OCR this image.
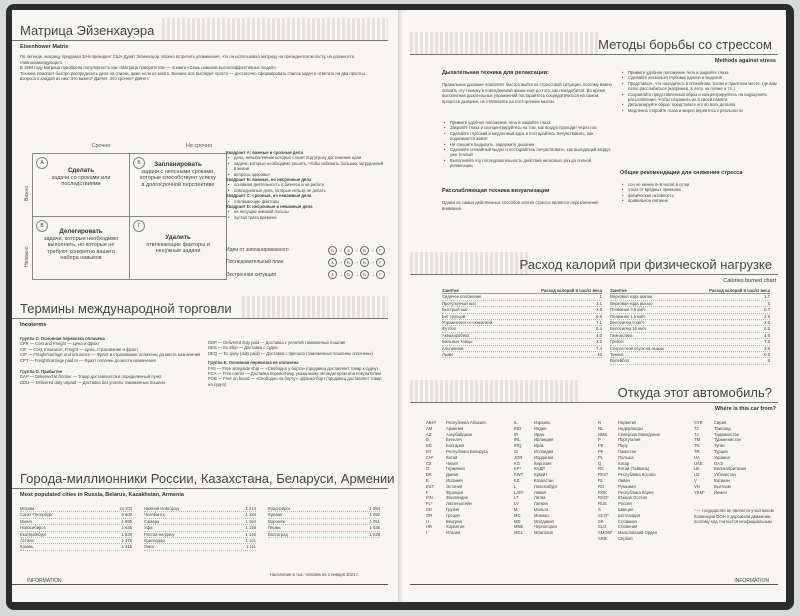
Матрица Эйзенхауэра
Eisenhower Matrix

По легенде, матрицу придумал 34-й президент США Дуайт Эйзенхауэр. Можно встретить упоминания, что он использовал матрицу на президентском посту, на должности главнокомандующего.

В 1994 году матрица приобрела популярность как «Матрица приоритетов» — в книге «Семь навыков высокоэффективных людей».

Техника помогает быстро распределить дела на списки, даже если их много. Внешне всё выглядит просто — достаточно сформировать список задач и ответить на два простых вопроса о каждой из них: Это важно? Да/Нет. Это срочно? Да/Нет.

Срочно	Не срочно
Важно
Неважно
А
Сделать
задачи со сроками или последствиями
Б	Запланировать
задачи с неясными сроками, которые способствуют успеху в долгосрочной перспективе
В
Делегировать
задачи, которые необходимо выполнить, но которые не требуют конкретно вашего набора навыков
Г
Удалить
отвлекающие факторы и ненужные задачи
Квадрант А: важные и срочные дела
• дела, невыполнение которых станет под угрозу достижение цели
• задачи, которые необходимо решить, чтобы избежать больших затруднений в жизни
• вопросы здоровья
Квадрант Б: важные, но несрочные дела
• основная деятельность в бизнесе и на работе
• повседневные дела, которые нельзя не делать
Квадрант С: срочные, но неважные дела
• отвлекающие факторы
Квадрант D: несрочные и неважные дела
• не несущие никакой пользы
• пустая трата времени
Идеи от запланированного	Б → А → В → Г
Последовательный план	А → Б → В → Г
Экстренная ситуация	А → В → Б → Г
Термины международной торговли
Incoterms
Группа С. Основная перевозка оплачена
CFR — Cost and Freight — Цена и фрахт
CIF — Cost, Insurance, Freight — Цена, страхование и фрахт
CIP — Freight/carriage and insurance — Фрахт и страхование оплачены до места назначения
CPT — Freight/carriage paid to — Фрахт оплачен до места назначения
Группа D. Прибытие
DAP — Delivered at frontier — Товар доставляется в определённый пункт
DDU — Delivered duty unpaid — Доставка без уплаты таможенных пошлин
DDP — Delivered duty paid — Доставка с уплатой таможенных пошлин
DES — Ex Ship — Доставка с судна
DEQ — Ex quay (duty paid) — Доставка с причала (таможенные пошлины оплачены)
Группа Е. Основная перевозка не оплачена
FAS — Free alongside ship — «Свободно у борта» (продавец доставляет товар к судну)
FCA — Free carrier — Доставка перевозчику, указанному экспедитором или покупателем
FOB — Free on board — «Свободно на борту», франко-борт (продавец доставляет товар на судно)
Города-миллионники России, Казахстана, Беларуси, Армении
Most populated cities in Russia, Belarus, Kazakhstan, Armenia
Москва	13 104
Санкт-Петербург	5 600
Минск	1 995
Новосибирск	1 635
Екатеринбург	1 539
Астана	1 376
Казань	1 315
Нижний Новгород	1 213
Челябинск	1 184
Самара	1 164
Уфа	1 158
Ростов-на-Дону	1 140
Краснодар	1 121
Омск	1 111
Красноярск	1 094
Ереван	1 092
Воронеж	1 051
Пермь	1 035
Волгоград	1 029
Население в тыс. человек на 1 января 2021 г.
INFORMATION
Методы борьбы со стрессом
Methods against stress
Дыхательная техника для релаксации:
Правильное дыхание позволяет быстро выйти из стрессовой ситуации, поэтому важно освоить эту технику в повседневной жизни ещё до того, как понадобится. Во время выполнения дыхательных упражнений постарайтесь сосредоточиться на самом процессе дыхания, не отвлекаясь на посторонние мысли.
• Примите удобное положение тела и закройте глаза
• Закройте глаза и сконцентрируйтесь на том, как воздух проходит через нос
• Сделайте глубокий и медленный вдох и постарайтесь почувствовать, как поднимается живот
• Не спешите выдыхать, задержите дыхание
• Сделайте спокойный выдох и постарайтесь почувствовать, как выходящий воздух уже теплый
• Выполняйте эту последовательность действий несколько раз до полной релаксации
Расслабляющая техника визуализации
Одним из самых действенных способов снятия стресса является переключение внимания.
• Примите удобное положение тела и закройте глаза
• Сделайте несколько глубоких вдохов и выдохов
• Представьте, что находитесь в спокойном, тихом и приятном месте, где вам легко расслабиться (например, в лесу, на пляже и т.п.)
• Сохраняйте представленный образ и концентрируйтесь на ощущениях расслабления, чтобы сохранить их в своей памяти
• Детализируйте образ: представьте его во всех деталях
• Медленно откройте глаза и мирно вернитесь к реальности
Общие рекомендации для снижения стресса
• сон не менее 8–9 часов в сутки
• отказ от вредных привычек
• физическая активность
• правильное питание
Расход калорий при физической нагрузке
Calories burned chart
Занятие	Расход калорий в час/кг веса
Сидячее положение	1
Прогулочный шаг	3.1
Быстрый шаг	3.9
Бег трусцой	6.9
Упражнения со скакалкой	7.1
Футбол	6.4
Аквааэробика	4.0
Бальные танцы	3.2
Альпинизм	7.4
Лыжи	10
Занятие	Расход калорий в час/кг веса
Верховая езда шагом	1.7
Верховая езда рысью	5
Плавание 3,5 км/ч	5.7
Плавание 1,5 км/ч	2.9
Велосипед 9 км/ч	3.6
Велосипед 15 км/ч	6.5
Гимнастика	4.6
Гребля	7.8
Скоростной спуск на лыжах	3.9
Теннис	6.5
Волейбол	6
Откуда этот автомобиль?
Where is this car from?
ABH*	Республика Абхазия
AM	Армения
AZ	Азербайджан
B	Бельгия
BG	Болгария
BY	Республика Беларусь
CH*	Китай
CZ	Чехия
D	Германия
DK	Дания
E	Испания
EST	Эстония
F	Франция
FIN	Финляндия
FL*	Лихтенштейн
GE	Грузия
GR	Греция
H	Венгрия
HR	Хорватия
I	Италия
IL	Израиль
IND	Индия
IR	Иран
IRL	Ирландия
IRQ	Ирак
IS	Исландия
JOR	Иордания
KG	Киргизия
KP*	КНДР
KWT	Кувейт
KZ	Казахстан
L	Люксембург
LAR*	Ливия
LT	Литва
LV	Латвия
M	Мальта
MC	Монако
MD	Молдавия
MNE	Черногория
MGL	Монголия
N	Норвегия
NL	Нидерланды
NMK	Северная Македония
P	Португалия
PE	Перу
PK	Пакистан
PL	Польша
Q	Катар
RC	Китай (Тайвань)
RKS*	Республика Косово
RL	Ливан
RO	Румыния
ROK	Республика Корея
RSO*	Южная Осетия
RUS	Россия
S	Швеция
SCO*	Шотландия
SK	Словакия
SLO	Словения
SMOM*	Мальтийский Орден
SRB	Сербия
SYR	Сирия
TJ	Таиланд
TJ	Таджикистан
TM	Туркменистан
TN	Тунис
TR	Турция
UA	Украина
UAE	ОАЭ
UK	Великобритания
UZ	Узбекистан
V	Ватикан
VN	Вьетнам
YEM*	Йемен
* — государство не является участником Конвенции ООН о дорожном движении, поэтому код считается неофициальным
INFORMATION
